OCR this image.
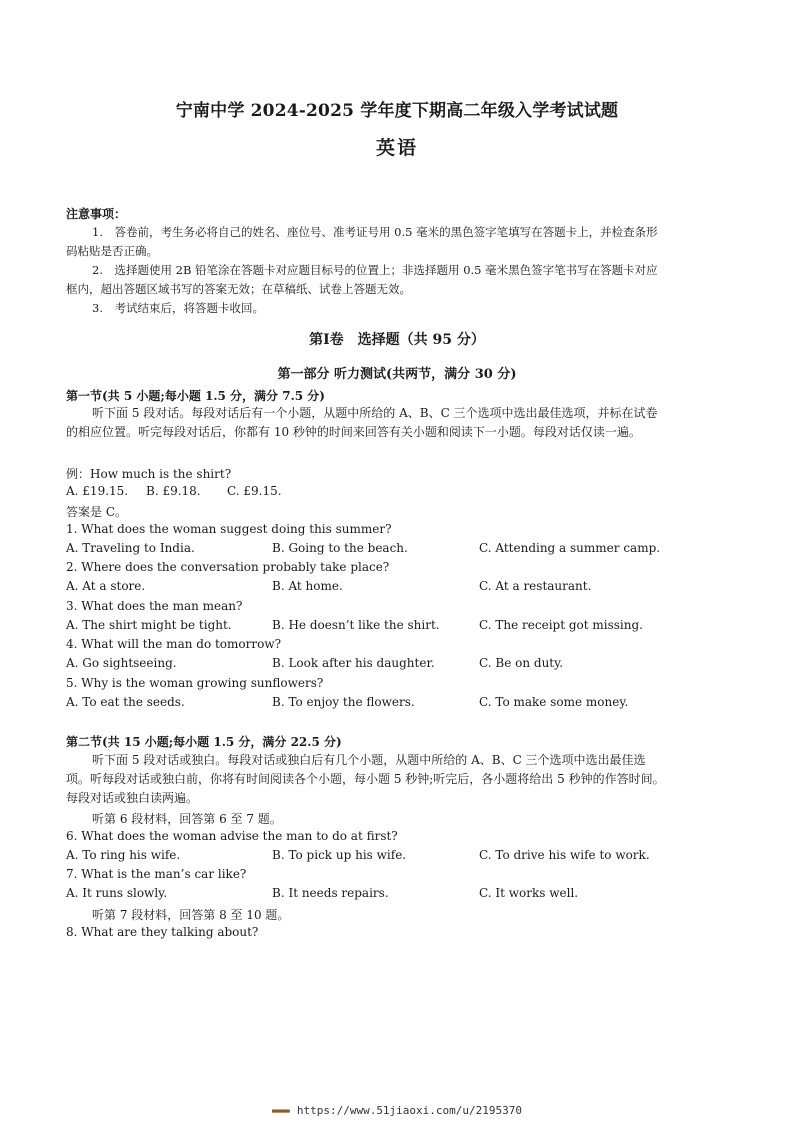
宁南中学 2024-2025 学年度下期高二年级入学考试试题
英语
注意事项：

1.　答卷前，考生务必将自己的姓名、座位号、准考证号用 0.5 毫米的黑色签字笔填写在答题卡上，并检查条形码粘贴是否正确。

2.　选择题使用 2B 铅笔涂在答题卡对应题目标号的位置上；非选择题用 0.5 毫米黑色签字笔书写在答题卡对应框内，超出答题区域书写的答案无效；在草稿纸、试卷上答题无效。

3.　考试结束后，将答题卡收回。

第Ⅰ卷　选择题（共 95 分）
第一部分 听力测试(共两节，满分 30 分)
第一节(共 5 小题;每小题 1.5 分，满分 7.5 分)

听下面 5 段对话。每段对话后有一个小题，从题中所给的 A、B、C 三个选项中选出最佳选项，并标在试卷的相应位置。听完每段对话后，你都有 10 秒钟的时间来回答有关小题和阅读下一小题。每段对话仅读一遍。

例：How much is the shirt?
A. £19.15. B. £9.18. C. £9.15.
答案是 C。
1. What does the woman suggest doing this summer?
A. Traveling to India.	B. Going to the beach.	C. Attending a summer camp.
2. Where does the conversation probably take place?
A. At a store.	B. At home.	C. At a restaurant.
3. What does the man mean?
A. The shirt might be tight.	B. He doesn’t like the shirt.	C. The receipt got missing.
4. What will the man do tomorrow?
A. Go sightseeing.	B. Look after his daughter.	C. Be on duty.
5. Why is the woman growing sunflowers?
A. To eat the seeds.	B. To enjoy the flowers.	C. To make some money.
第二节(共 15 小题;每小题 1.5 分，满分 22.5 分)

听下面 5 段对话或独白。每段对话或独白后有几个小题，从题中所给的 A、B、C 三个选项中选出最佳选项。听每段对话或独白前，你将有时间阅读各个小题，每小题 5 秒钟;听完后，各小题将给出 5 秒钟的作答时间。每段对话或独白读两遍。

听第 6 段材料，回答第 6 至 7 题。
6. What does the woman advise the man to do at first?
A. To ring his wife.	B. To pick up his wife.	C. To drive his wife to work.
7. What is the man’s car like?
A. It runs slowly.	B. It needs repairs.	C. It works well.
听第 7 段材料，回答第 8 至 10 题。
8. What are they talking about?
▬▬▬ https://www.51jiaoxi.com/u/2195370
